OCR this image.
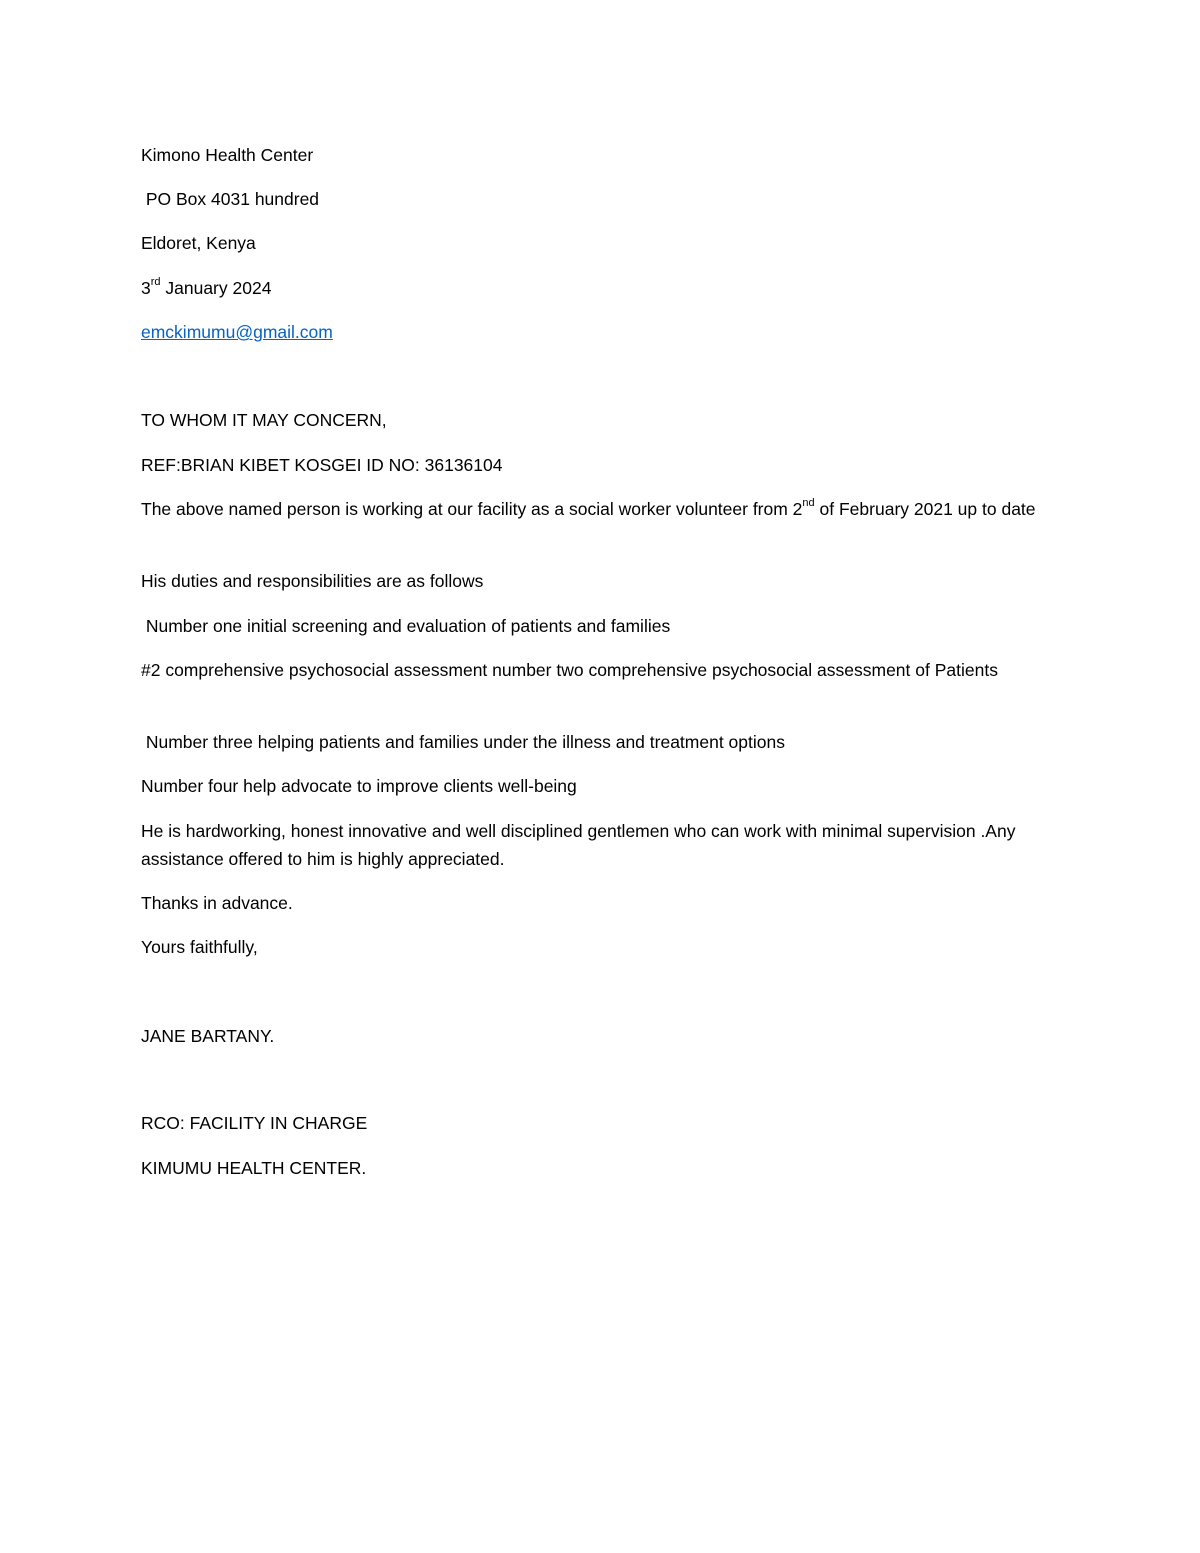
Kimono Health Center
PO Box 4031 hundred
Eldoret, Kenya
3rd January 2024
emckimumu@gmail.com
TO WHOM IT MAY CONCERN,
REF:BRIAN KIBET KOSGEI ID NO: 36136104
The above named person is working at our facility as a social worker volunteer from 2nd of February 2021 up to date
His duties and responsibilities are as follows
Number one initial screening and evaluation of patients and families
#2 comprehensive psychosocial assessment number two comprehensive psychosocial assessment of Patients
Number three helping patients and families under the illness and treatment options
Number four help advocate to improve clients well-being
He is hardworking, honest innovative and well disciplined gentlemen who can work with minimal supervision .Any assistance offered to him is highly appreciated.
Thanks in advance.
Yours faithfully,
JANE BARTANY.
RCO: FACILITY IN CHARGE
KIMUMU HEALTH CENTER.
